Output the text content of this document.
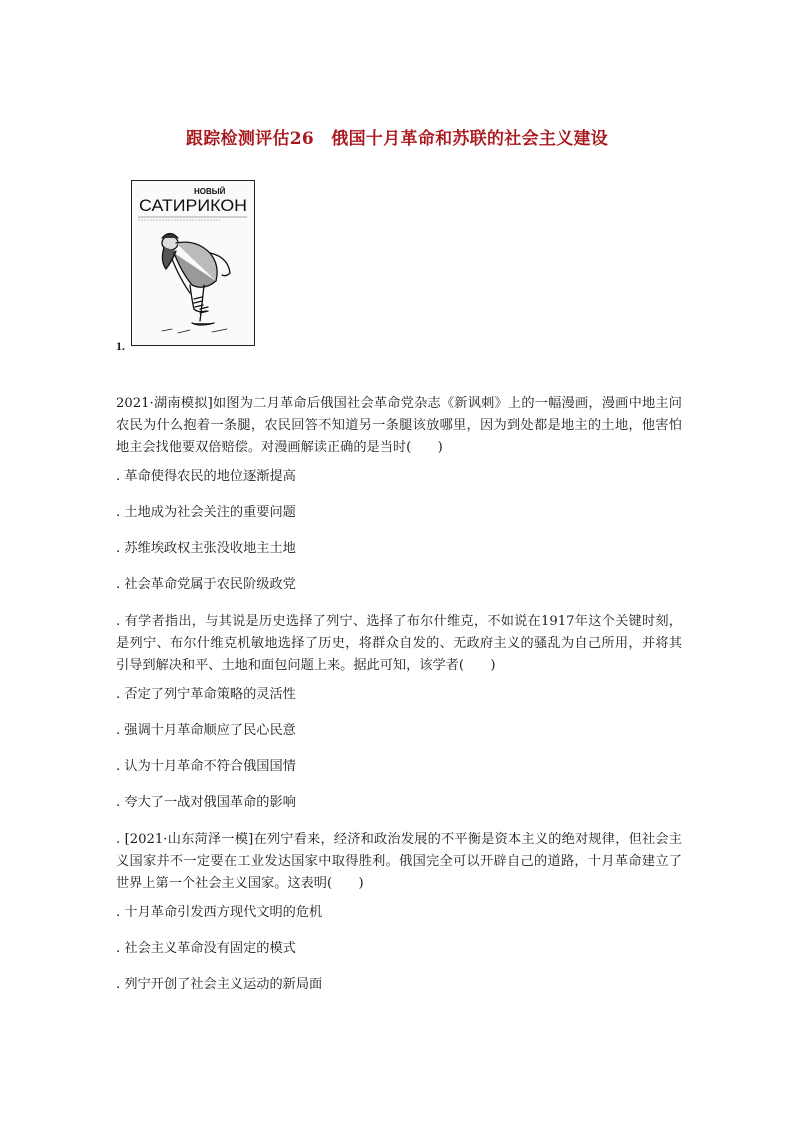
跟踪检测评估26　俄国十月革命和苏联的社会主义建设
НОВЫЙ
САТИРИКОН
1.
2021·湖南模拟]如图为二月革命后俄国社会革命党杂志《新讽刺》上的一幅漫画，漫画中地主问农民为什么抱着一条腿，农民回答不知道另一条腿该放哪里，因为到处都是地主的土地，他害怕地主会找他要双倍赔偿。对漫画解读正确的是当时(　　)
. 革命使得农民的地位逐渐提高
. 土地成为社会关注的重要问题
. 苏维埃政权主张没收地主土地
. 社会革命党属于农民阶级政党
. 有学者指出，与其说是历史选择了列宁、选择了布尔什维克，不如说在1917年这个关键时刻，是列宁、布尔什维克机敏地选择了历史，将群众自发的、无政府主义的骚乱为自己所用，并将其引导到解决和平、土地和面包问题上来。据此可知，该学者(　　)
. 否定了列宁革命策略的灵活性
. 强调十月革命顺应了民心民意
. 认为十月革命不符合俄国国情
. 夸大了一战对俄国革命的影响
. [2021·山东菏泽一模]在列宁看来，经济和政治发展的不平衡是资本主义的绝对规律，但社会主义国家并不一定要在工业发达国家中取得胜利。俄国完全可以开辟自己的道路，十月革命建立了世界上第一个社会主义国家。这表明(　　)
. 十月革命引发西方现代文明的危机
. 社会主义革命没有固定的模式
. 列宁开创了社会主义运动的新局面
